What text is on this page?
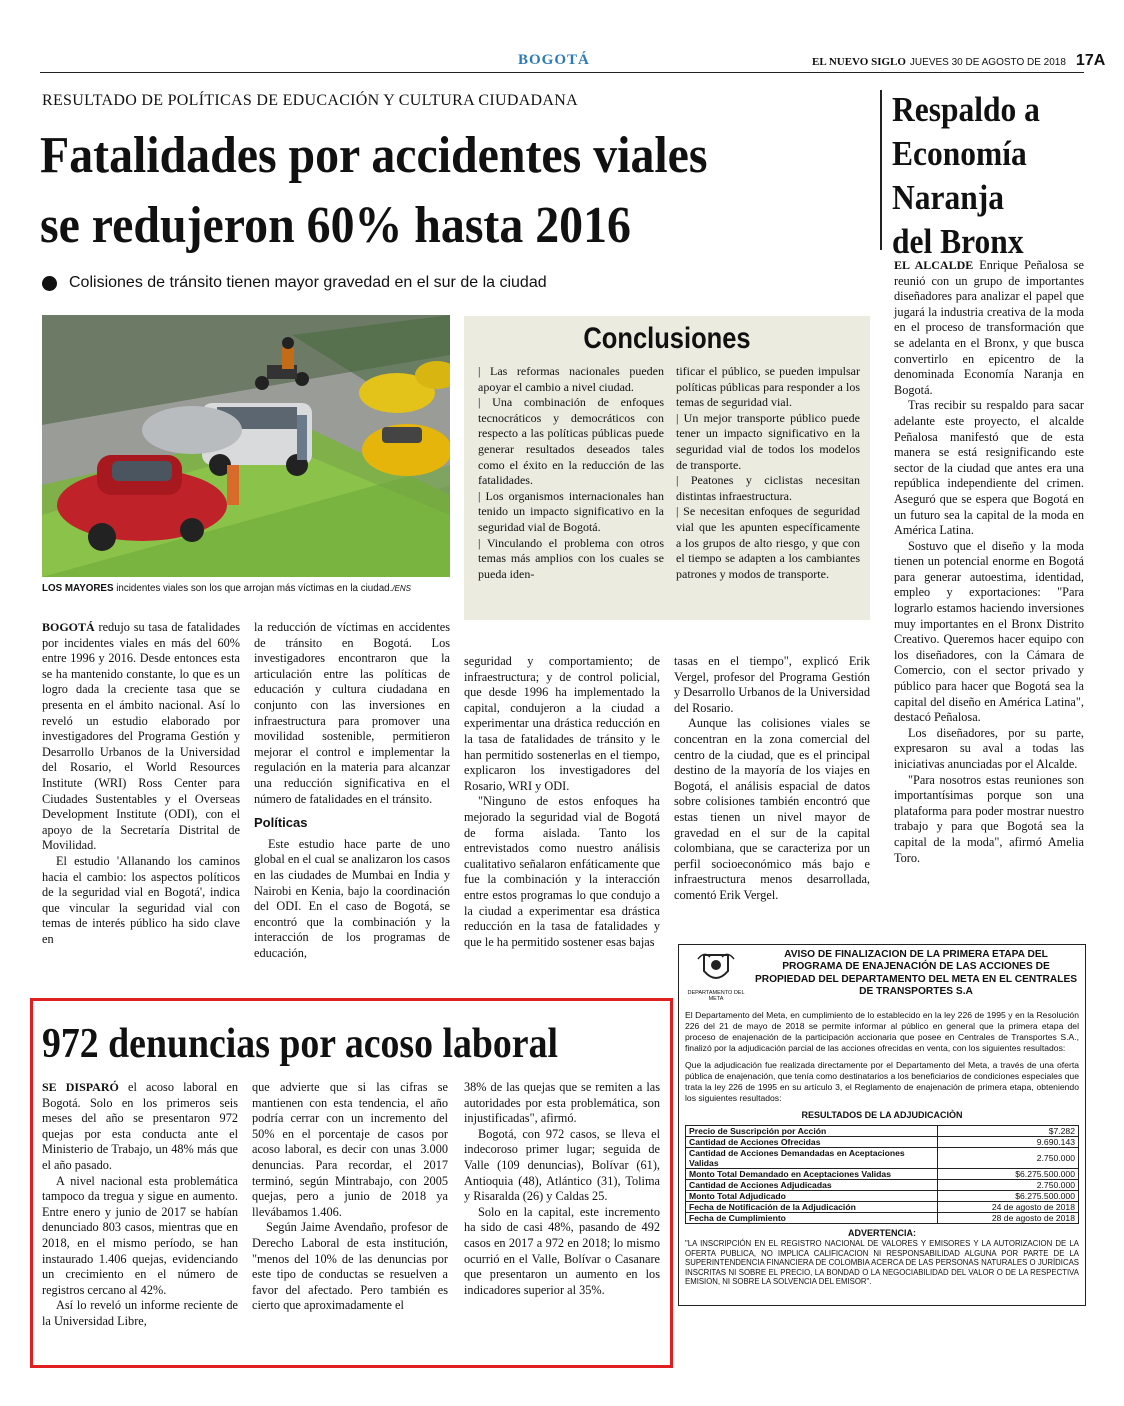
BOGOTÁ	EL NUEVO SIGLO JUEVES 30 DE AGOSTO DE 2018 17A
RESULTADO DE POLÍTICAS DE EDUCACIÓN Y CULTURA CIUDADANA
Fatalidades por accidentes viales
se redujeron 60% hasta 2016
Colisiones de tránsito tienen mayor gravedad en el sur de la ciudad
LOS MAYORES incidentes viales son los que arrojan más víctimas en la ciudad./ENS
Conclusiones

| Las reformas nacionales pueden apoyar el cambio a nivel ciudad.

| Una combinación de enfoques tecnocráticos y democráticos con respecto a las políticas públicas puede generar resultados deseados tales como el éxito en la reducción de las fatalidades.

| Los organismos internacionales han tenido un impacto significativo en la seguridad vial de Bogotá.

| Vinculando el problema con otros temas más amplios con los cuales se pueda iden-

tificar el público, se pueden impulsar políticas públicas para responder a los temas de seguridad vial.

| Un mejor transporte público puede tener un impacto significativo en la seguridad vial de todos los modelos de transporte.

| Peatones y ciclistas necesitan distintas infraestructura.

| Se necesitan enfoques de seguridad vial que les apunten específicamente a los grupos de alto riesgo, y que con el tiempo se adapten a los cambiantes patrones y modos de transporte.

BOGOTÁ redujo su tasa de fatalidades por incidentes viales en más del 60% entre 1996 y 2016. Desde entonces esta se ha mantenido constante, lo que es un logro dada la creciente tasa que se presenta en el ámbito nacional. Así lo reveló un estudio elaborado por investigadores del Programa Gestión y Desarrollo Urbanos de la Universidad del Rosario, el World Resources Institute (WRI) Ross Center para Ciudades Sustentables y el Overseas Development Institute (ODI), con el apoyo de la Secretaría Distrital de Movilidad.

El estudio 'Allanando los caminos hacia el cambio: los aspectos políticos de la seguridad vial en Bogotá', indica que vincular la seguridad vial con temas de interés público ha sido clave en

la reducción de víctimas en accidentes de tránsito en Bogotá. Los investigadores encontraron que la articulación entre las políticas de educación y cultura ciudadana en conjunto con las inversiones en infraestructura para promover una movilidad sostenible, permitieron mejorar el control e implementar la regulación en la materia para alcanzar una reducción significativa en el número de fatalidades en el tránsito.

Políticas

Este estudio hace parte de uno global en el cual se analizaron los casos en las ciudades de Mumbai en India y Nairobi en Kenia, bajo la coordinación del ODI. En el caso de Bogotá, se encontró que la combinación y la interacción de los programas de educación,

seguridad y comportamiento; de infraestructura; y de control policial, que desde 1996 ha implementado la capital, condujeron a la ciudad a experimentar una drástica reducción en la tasa de fatalidades de tránsito y le han permitido sostenerlas en el tiempo, explicaron los investigadores del Rosario, WRI y ODI.

"Ninguno de estos enfoques ha mejorado la seguridad vial de Bogotá de forma aislada. Tanto los entrevistados como nuestro análisis cualitativo señalaron enfáticamente que fue la combinación y la interacción entre estos programas lo que condujo a la ciudad a experimentar esa drástica reducción en la tasa de fatalidades y que le ha permitido sostener esas bajas

tasas en el tiempo", explicó Erik Vergel, profesor del Programa Gestión y Desarrollo Urbanos de la Universidad del Rosario.

Aunque las colisiones viales se concentran en la zona comercial del centro de la ciudad, que es el principal destino de la mayoría de los viajes en Bogotá, el análisis espacial de datos sobre colisiones también encontró que estas tienen un nivel mayor de gravedad en el sur de la capital colombiana, que se caracteriza por un perfil socioeconómico más bajo e infraestructura menos desarrollada, comentó Erik Vergel.

Respaldo a
Economía
Naranja
del Bronx

EL ALCALDE Enrique Peñalosa se reunió con un grupo de importantes diseñadores para analizar el papel que jugará la industria creativa de la moda en el proceso de transformación que se adelanta en el Bronx, y que busca convertirlo en epicentro de la denominada Economía Naranja en Bogotá.

Tras recibir su respaldo para sacar adelante este proyecto, el alcalde Peñalosa manifestó que de esta manera se está resignificando este sector de la ciudad que antes era una república independiente del crimen. Aseguró que se espera que Bogotá en un futuro sea la capital de la moda en América Latina.

Sostuvo que el diseño y la moda tienen un potencial enorme en Bogotá para generar autoestima, identidad, empleo y exportaciones: "Para lograrlo estamos haciendo inversiones muy importantes en el Bronx Distrito Creativo. Queremos hacer equipo con los diseñadores, con la Cámara de Comercio, con el sector privado y público para hacer que Bogotá sea la capital del diseño en América Latina", destacó Peñalosa.

Los diseñadores, por su parte, expresaron su aval a todas las iniciativas anunciadas por el Alcalde.

"Para nosotros estas reuniones son importantísimas porque son una plataforma para poder mostrar nuestro trabajo y para que Bogotá sea la capital de la moda", afirmó Amelia Toro.

972 denuncias por acoso laboral

SE DISPARÓ el acoso laboral en Bogotá. Solo en los primeros seis meses del año se presentaron 972 quejas por esta conducta ante el Ministerio de Trabajo, un 48% más que el año pasado.

A nivel nacional esta problemática tampoco da tregua y sigue en aumento. Entre enero y junio de 2017 se habían denunciado 803 casos, mientras que en 2018, en el mismo período, se han instaurado 1.406 quejas, evidenciando un crecimiento en el número de registros cercano al 42%.

Así lo reveló un informe reciente de la Universidad Libre,

que advierte que si las cifras se mantienen con esta tendencia, el año podría cerrar con un incremento del 50% en el porcentaje de casos por acoso laboral, es decir con unas 3.000 denuncias. Para recordar, el 2017 terminó, según Mintrabajo, con 2005 quejas, pero a junio de 2018 ya llevábamos 1.406.

Según Jaime Avendaño, profesor de Derecho Laboral de esta institución, "menos del 10% de las denuncias por este tipo de conductas se resuelven a favor del afectado. Pero también es cierto que aproximadamente el

38% de las quejas que se remiten a las autoridades por esta problemática, son injustificadas", afirmó.

Bogotá, con 972 casos, se lleva el indecoroso primer lugar; seguida de Valle (109 denuncias), Bolívar (61), Antioquia (48), Atlántico (31), Tolima y Risaralda (26) y Caldas 25.

Solo en la capital, este incremento ha sido de casi 48%, pasando de 492 casos en 2017 a 972 en 2018; lo mismo ocurrió en el Valle, Bolívar o Casanare que presentaron un aumento en los indicadores superior al 35%.

DEPARTAMENTO DEL META
AVISO DE FINALIZACION DE LA PRIMERA ETAPA DEL PROGRAMA DE ENAJENACIÓN DE LAS ACCIONES DE PROPIEDAD DEL DEPARTAMENTO DEL META EN EL CENTRALES DE TRANSPORTES S.A
El Departamento del Meta, en cumplimiento de lo establecido en la ley 226 de 1995 y en la Resolución 226 del 21 de mayo de 2018 se permite informar al público en general que la primera etapa del proceso de enajenación de la participación accionaria que posee en Centrales de Transportes S.A., finalizó por la adjudicación parcial de las acciones ofrecidas en venta, con los siguientes resultados:
Que la adjudicación fue realizada directamente por el Departamento del Meta, a través de una oferta pública de enajenación, que tenía como destinatarios a los beneficiarios de condiciones especiales que trata la ley 226 de 1995 en su artículo 3, el Reglamento de enajenación de primera etapa, obteniendo los siguientes resultados:
RESULTADOS DE LA ADJUDICACIÒN
Precio de Suscripción por Acción	$7.282
Cantidad de Acciones Ofrecidas	9.690.143
Cantidad de Acciones Demandadas en Aceptaciones Validas	2.750.000
Monto Total Demandado en Aceptaciones Validas	$6.275.500.000
Cantidad de Acciones Adjudicadas	2.750.000
Monto Total Adjudicado	$6.275.500.000
Fecha de Notificación de la Adjudicación	24 de agosto de 2018
Fecha de Cumplimiento	28 de agosto de 2018
ADVERTENCIA:
"LA INSCRIPCIÓN EN EL REGISTRO NACIONAL DE VALORES Y EMISORES Y LA AUTORIZACION DE LA OFERTA PUBLICA, NO IMPLICA CALIFICACION NI RESPONSABILIDAD ALGUNA POR PARTE DE LA SUPERINTENDENCIA FINANCIERA DE COLOMBIA ACERCA DE LAS PERSONAS NATURALES O JURÍDICAS INSCRITAS NI SOBRE EL PRECIO, LA BONDAD O LA NEGOCIABILIDAD DEL VALOR O DE LA RESPECTIVA EMISION, NI SOBRE LA SOLVENCIA DEL EMISOR".
